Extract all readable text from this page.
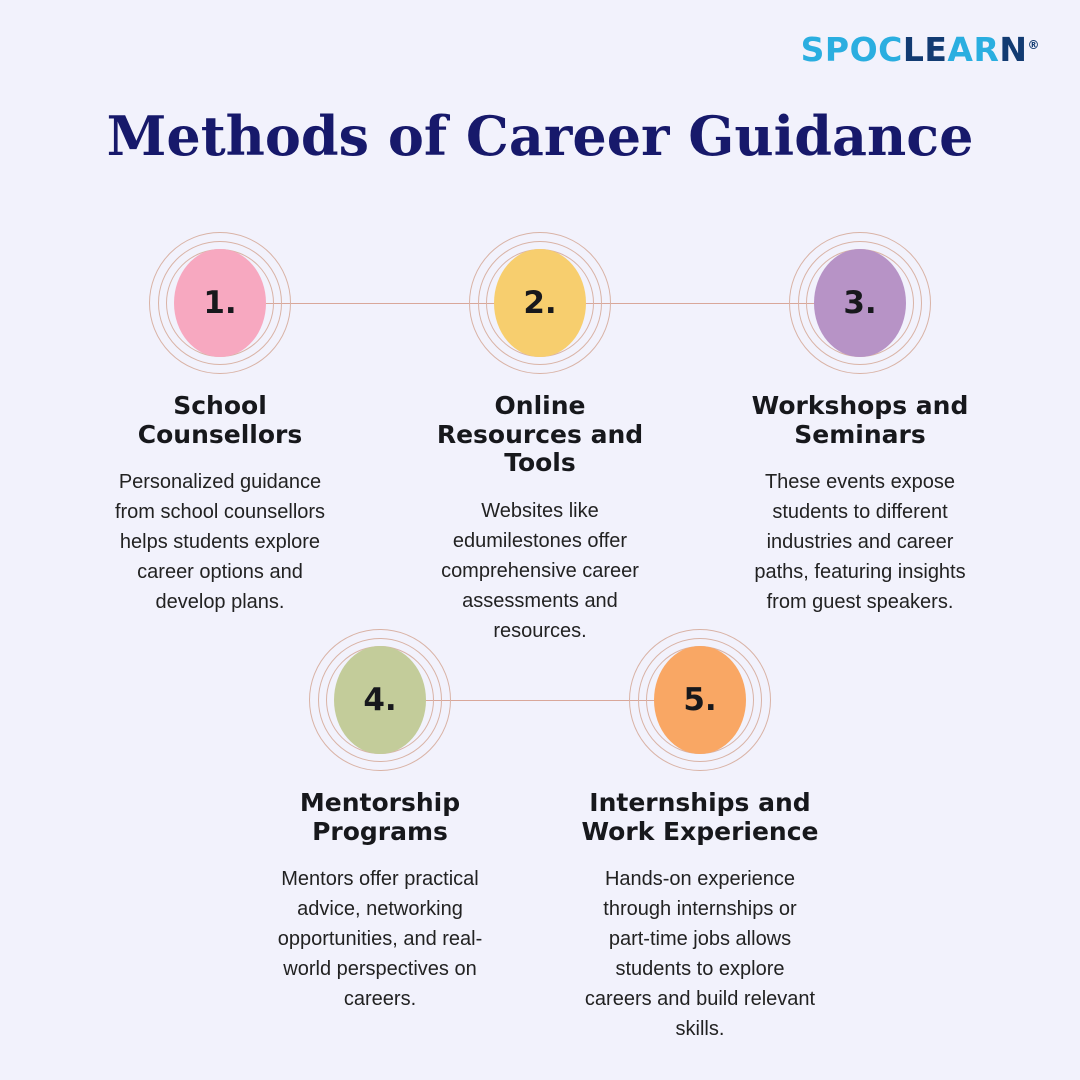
SPOCLEARN®
Methods of Career Guidance
1.
School Counsellors
Personalized guidance from school counsellors helps students explore career options and develop plans.
2.
Online Resources and Tools
Websites like edumilestones offer comprehensive career assessments and resources.
3.
Workshops and Seminars
These events expose students to different industries and career paths, featuring insights from guest speakers.
4.
Mentorship Programs
Mentors offer practical advice, networking opportunities, and real-world perspectives on careers.
5.
Internships and Work Experience
Hands-on experience through internships or part-time jobs allows students to explore careers and build relevant skills.
